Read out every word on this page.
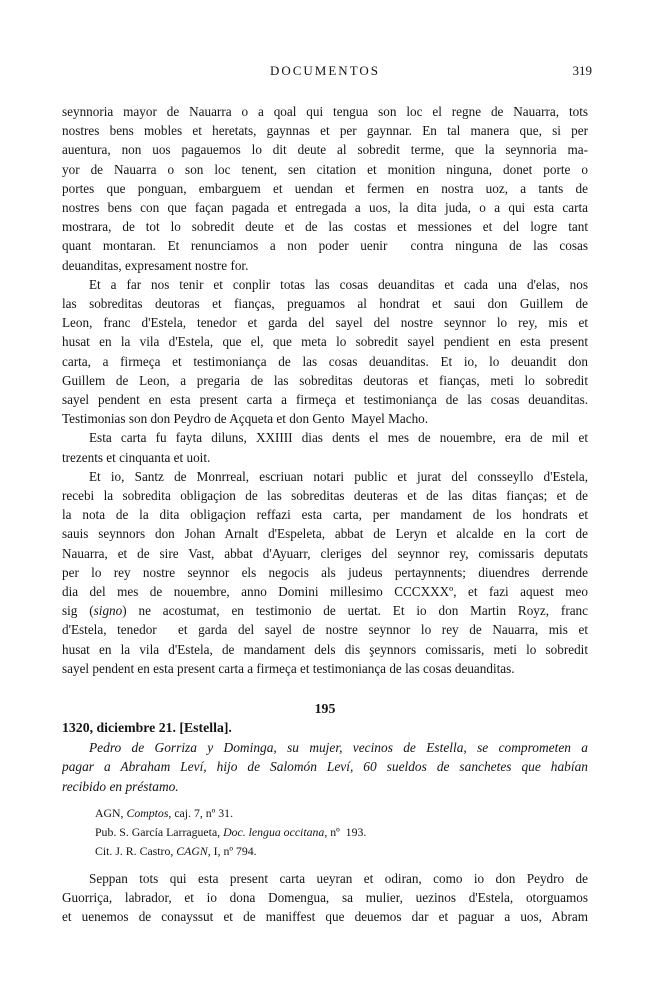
DOCUMENTOS	319
seynnoria mayor de Nauarra o a qoal qui tengua son loc el regne de Nauarra, tots
nostres bens mobles et heretats, gaynnas et per gaynnar. En tal manera que, si per
auentura, non uos pagauemos lo dit deute al sobredit terme, que la seynnoria ma-
yor de Nauarra o son loc tenent, sen citation et monition ninguna, donet porte o
portes que ponguan, embarguem et uendan et fermen en nostra uoz, a tants de
nostres bens con que façan pagada et entregada a uos, la dita juda, o a qui esta carta
mostrara, de tot lo sobredit deute et de las costas et messiones et del logre tant
quant montaran. Et renunciamos a non poder uenir  contra ninguna de las cosas
deuanditas, expresament nostre for.
Et a far nos tenir et conplir totas las cosas deuanditas et cada una d'elas, nos
las sobreditas deutoras et fianças, preguamos al hondrat et saui don Guillem de
Leon, franc d'Estela, tenedor et garda del sayel del nostre seynnor lo rey, mis et
husat en la vila d'Estela, que el, que meta lo sobredit sayel pendient en esta present
carta, a firmeça et testimoniança de las cosas deuanditas. Et io, lo deuandit don
Guillem de Leon, a pregaria de las sobreditas deutoras et fianças, meti lo sobredit
sayel pendent en esta present carta a firmeça et testimoniança de las cosas deuanditas.
Testimonias son don Peydro de Açqueta et don Gento  Mayel Macho.
Esta carta fu fayta diluns, XXIIII dias dents el mes de nouembre, era de mil et
trezents et cinquanta et uoit.
Et io, Santz de Monrreal, escriuan notari public et jurat del consseyllo d'Estela,
recebi la sobredita obligaçion de las sobreditas deuteras et de las ditas fianças; et de
la nota de la dita obligaçion reffazi esta carta, per mandament de los hondrats et
sauis seynnors don Johan Arnalt d'Espeleta, abbat de Leryn et alcalde en la cort de
Nauarra, et de sire Vast, abbat d'Ayuarr, cleriges del seynnor rey, comissaris deputats
per lo rey nostre seynnor els negocis als judeus pertaynnents; diuendres derrende
dia del mes de nouembre, anno Domini millesimo CCCXXXº, et fazi aquest meo
sig (signo) ne acostumat, en testimonio de uertat. Et io don Martin Royz, franc
d'Estela, tenedor  et garda del sayel de nostre seynnor lo rey de Nauarra, mis et
husat en la vila d'Estela, de mandament dels dis şeynnors comissaris, meti lo sobredit
sayel pendent en esta present carta a firmeça et testimoniança de las cosas deuanditas.
195
1320, diciembre 21. [Estella].
Pedro de Gorriza y Dominga, su mujer, vecinos de Estella, se comprometen a
pagar a Abraham Leví, hijo de Salomón Leví, 60 sueldos de sanchetes que habían
recibido en préstamo.
AGN, Comptos, caj. 7, nº 31.
Pub. S. García Larragueta, Doc. lengua occitana, nº  193.
Cit. J. R. Castro, CAGN, I, nº 794.
Seppan tots qui esta present carta ueyran et odiran, como io don Peydro de
Guorriça, labrador, et io dona Domengua, sa mulier, uezinos d'Estela, otorguamos
et uenemos de conayssut et de maniffest que deuemos dar et paguar a uos, Abram
